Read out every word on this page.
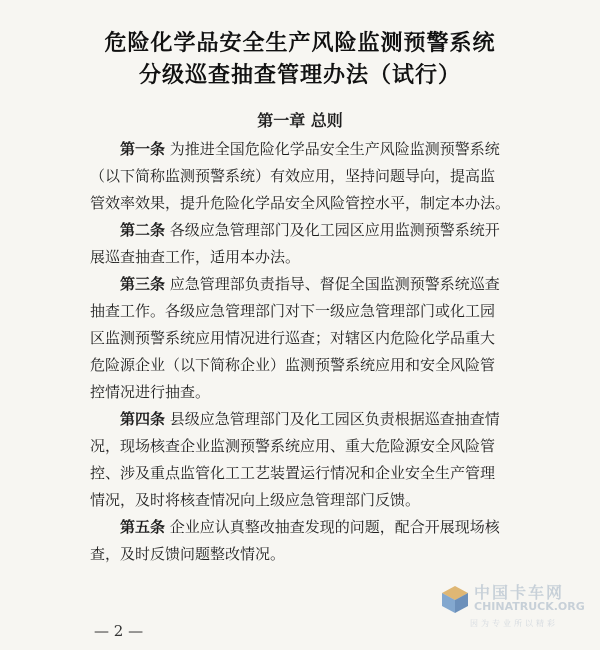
危险化学品安全生产风险监测预警系统
分级巡查抽查管理办法（试行）
第一章 总则
第一条 为推进全国危险化学品安全生产风险监测预警系统
（以下简称监测预警系统）有效应用，坚持问题导向，提高监
管效率效果，提升危险化学品安全风险管控水平，制定本办法。
第二条 各级应急管理部门及化工园区应用监测预警系统开
展巡查抽查工作，适用本办法。
第三条 应急管理部负责指导、督促全国监测预警系统巡查
抽查工作。各级应急管理部门对下一级应急管理部门或化工园
区监测预警系统应用情况进行巡查；对辖区内危险化学品重大
危险源企业（以下简称企业）监测预警系统应用和安全风险管
控情况进行抽查。
第四条 县级应急管理部门及化工园区负责根据巡查抽查情
况，现场核查企业监测预警系统应用、重大危险源安全风险管
控、涉及重点监管化工工艺装置运行情况和企业安全生产管理
情况，及时将核查情况向上级应急管理部门反馈。
第五条 企业应认真整改抽查发现的问题，配合开展现场核
查，及时反馈问题整改情况。
— 2 —
中国卡车网
CHINATRUCK.ORG
因为专业所以精彩
